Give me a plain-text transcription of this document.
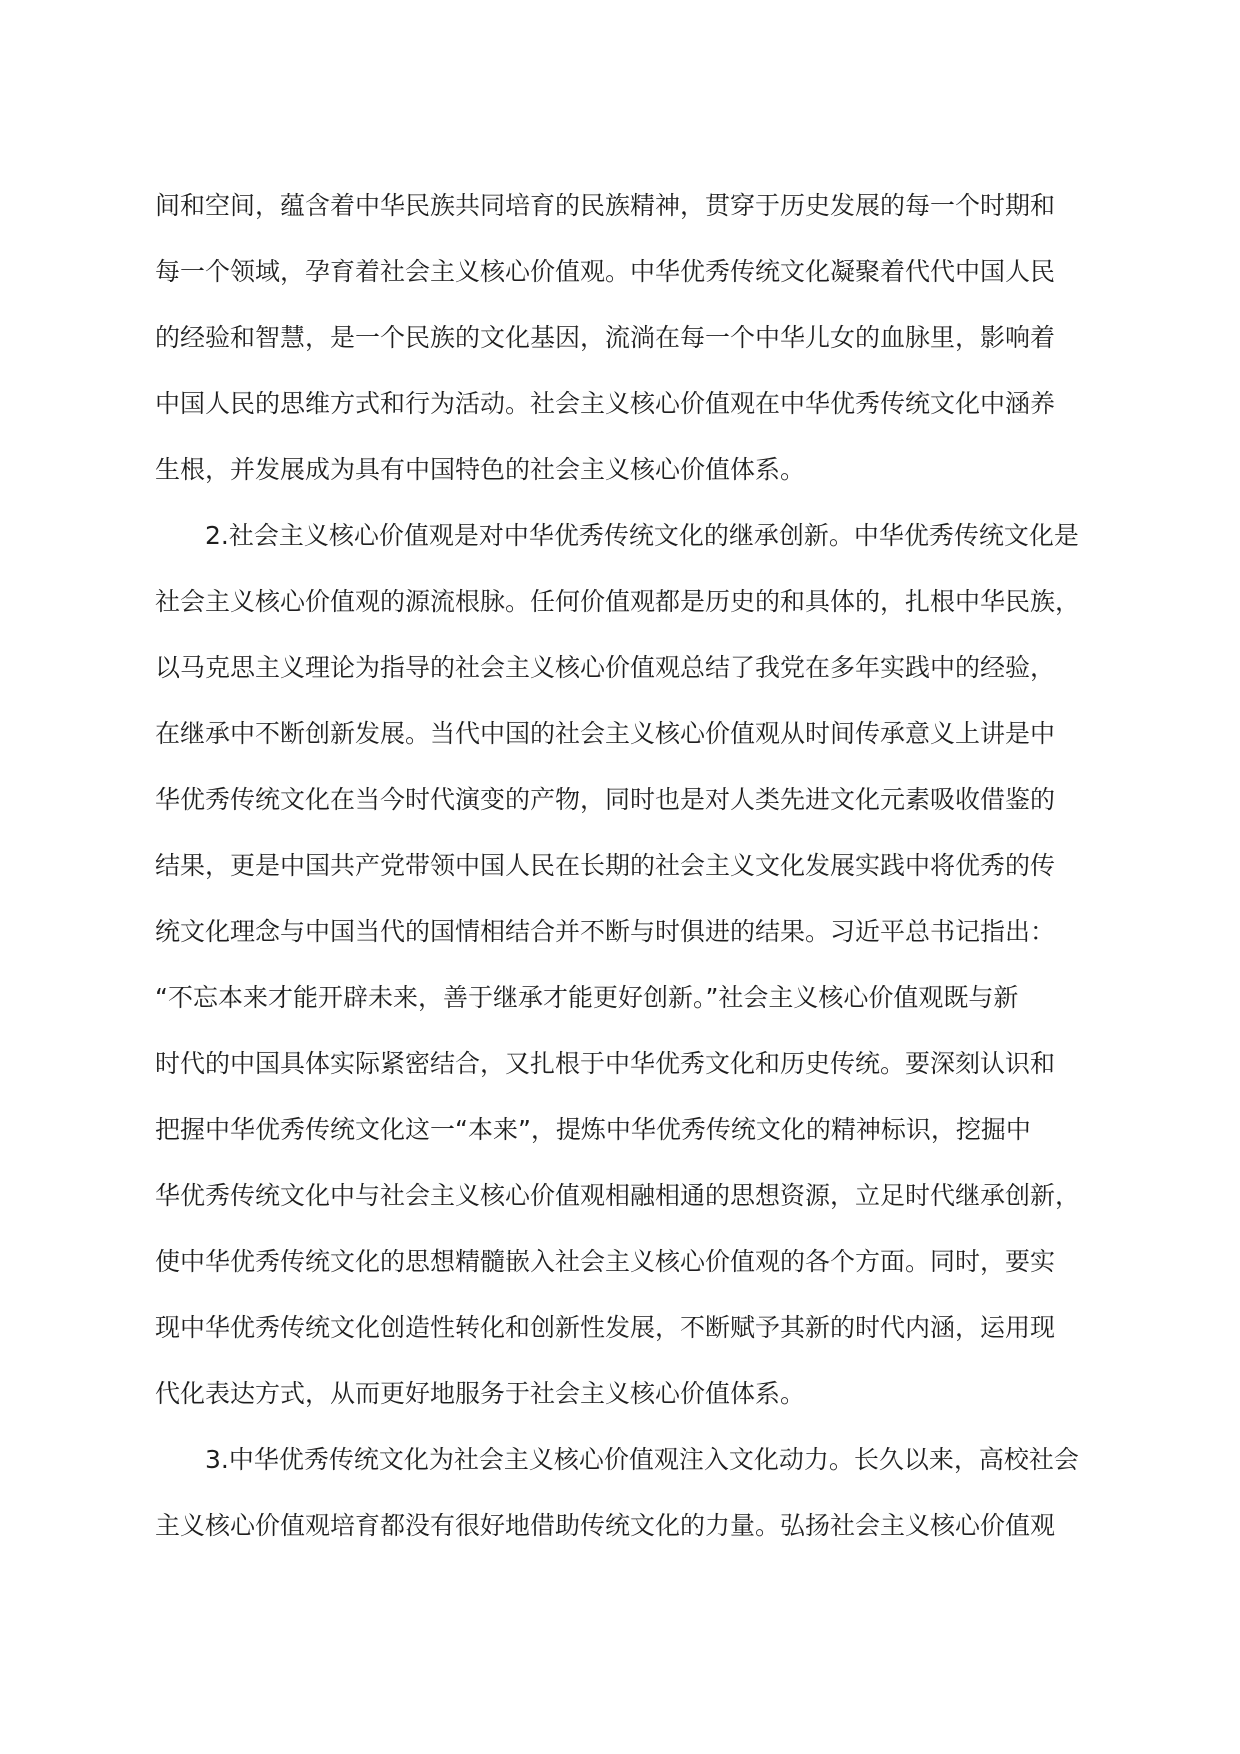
间和空间，蕴含着中华民族共同培育的民族精神，贯穿于历史发展的每一个时期和
每一个领域，孕育着社会主义核心价值观。中华优秀传统文化凝聚着代代中国人民
的经验和智慧，是一个民族的文化基因，流淌在每一个中华儿女的血脉里，影响着
中国人民的思维方式和行为活动。社会主义核心价值观在中华优秀传统文化中涵养
生根，并发展成为具有中国特色的社会主义核心价值体系。
2.社会主义核心价值观是对中华优秀传统文化的继承创新。中华优秀传统文化是
社会主义核心价值观的源流根脉。任何价值观都是历史的和具体的，扎根中华民族，
以马克思主义理论为指导的社会主义核心价值观总结了我党在多年实践中的经验，
在继承中不断创新发展。当代中国的社会主义核心价值观从时间传承意义上讲是中
华优秀传统文化在当今时代演变的产物，同时也是对人类先进文化元素吸收借鉴的
结果，更是中国共产党带领中国人民在长期的社会主义文化发展实践中将优秀的传
统文化理念与中国当代的国情相结合并不断与时俱进的结果。习近平总书记指出：
“不忘本来才能开辟未来，善于继承才能更好创新。”社会主义核心价值观既与新
时代的中国具体实际紧密结合，又扎根于中华优秀文化和历史传统。要深刻认识和
把握中华优秀传统文化这一“本来”，提炼中华优秀传统文化的精神标识，挖掘中
华优秀传统文化中与社会主义核心价值观相融相通的思想资源，立足时代继承创新，
使中华优秀传统文化的思想精髓嵌入社会主义核心价值观的各个方面。同时，要实
现中华优秀传统文化创造性转化和创新性发展，不断赋予其新的时代内涵，运用现
代化表达方式，从而更好地服务于社会主义核心价值体系。
3.中华优秀传统文化为社会主义核心价值观注入文化动力。长久以来，高校社会
主义核心价值观培育都没有很好地借助传统文化的力量。弘扬社会主义核心价值观
